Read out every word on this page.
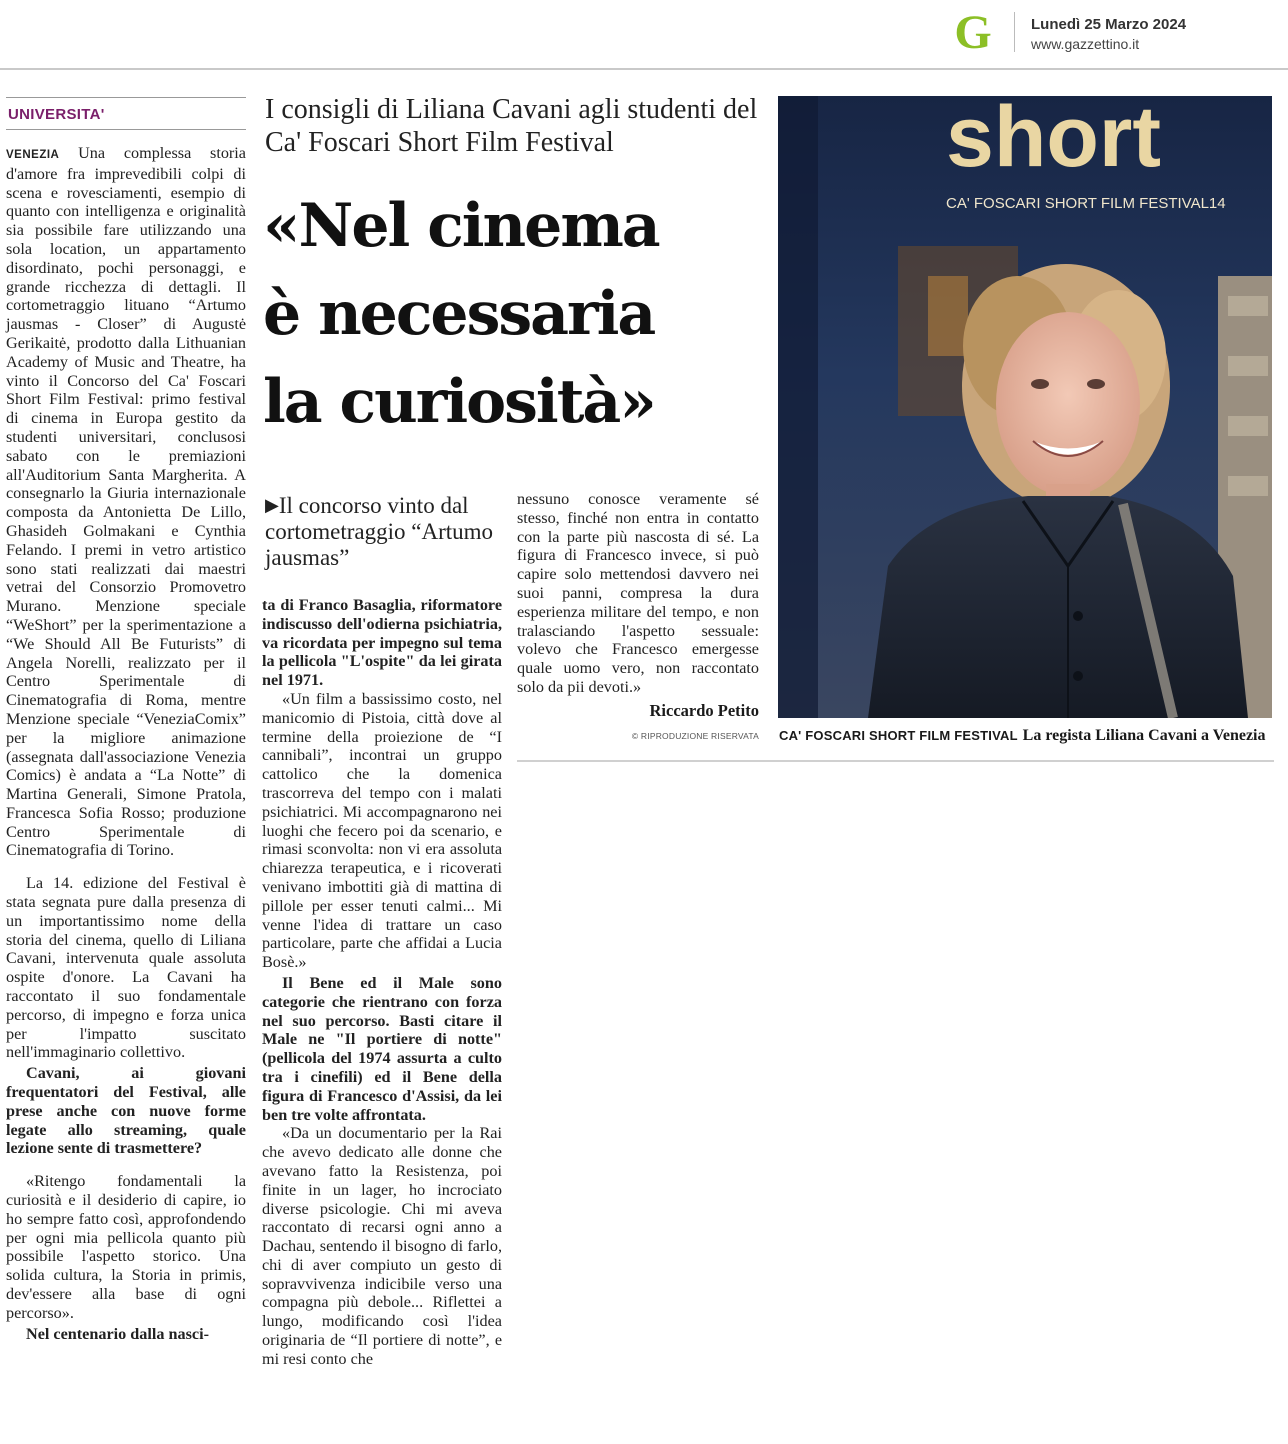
G	Lunedì 25 Marzo 2024
www.gazzettino.it
UNIVERSITA'

VENEZIA Una complessa storia d'amore fra imprevedibili colpi di scena e rovesciamenti, esempio di quanto con intelligenza e originalità sia possibile fare utilizzando una sola location, un appartamento disordinato, pochi personaggi, e grande ricchezza di dettagli. Il cortometraggio lituano “Artumo jausmas - Closer” di Augustė Gerikaitė, prodotto dalla Lithuanian Academy of Music and Theatre, ha vinto il Concorso del Ca' Foscari Short Film Festival: primo festival di cinema in Europa gestito da studenti universitari, conclusosi sabato con le premiazioni all'Auditorium Santa Margherita. A consegnarlo la Giuria internazionale composta da Antonietta De Lillo, Ghasideh Golmakani e Cynthia Felando. I premi in vetro artistico sono stati realizzati dai maestri vetrai del Consorzio Promovetro Murano. Menzione speciale “WeShort” per la sperimentazione a “We Should All Be Futurists” di Angela Norelli, realizzato per il Centro Sperimentale di Cinematografia di Roma, mentre Menzione speciale “VeneziaComix” per la migliore animazione (assegnata dall'associazione Venezia Comics) è andata a “La Notte” di Martina Generali, Simone Pratola, Francesca Sofia Rosso; produzione Centro Sperimentale di Cinematografia di Torino.

La 14. edizione del Festival è stata segnata pure dalla presenza di un importantissimo nome della storia del cinema, quello di Liliana Cavani, intervenuta quale assoluta ospite d'onore. La Cavani ha raccontato il suo fondamentale percorso, di impegno e forza unica per l'impatto suscitato nell'immaginario collettivo.

Cavani, ai giovani frequentatori del Festival, alle prese anche con nuove forme legate allo streaming, quale lezione sente di trasmettere?

«Ritengo fondamentali la curiosità e il desiderio di capire, io ho sempre fatto così, approfondendo per ogni mia pellicola quanto più possibile l'aspetto storico. Una solida cultura, la Storia in primis, dev'essere alla base di ogni percorso».

Nel centenario dalla nasci-

I consigli di Liliana Cavani agli studenti del Ca' Foscari Short Film Festival
«Nel cinema
è necessaria
la curiosità»
▶Il concorso vinto dal cortometraggio “Artumo jausmas”

ta di Franco Basaglia, riformatore indiscusso dell'odierna psichiatria, va ricordata per impegno sul tema la pellicola "L'ospite" da lei girata nel 1971.

«Un film a bassissimo costo, nel manicomio di Pistoia, città dove al termine della proiezione de “I cannibali”, incontrai un gruppo cattolico che la domenica trascorreva del tempo con i malati psichiatrici. Mi accompagnarono nei luoghi che fecero poi da scenario, e rimasi sconvolta: non vi era assoluta chiarezza terapeutica, e i ricoverati venivano imbottiti già di mattina di pillole per esser tenuti calmi... Mi venne l'idea di trattare un caso particolare, parte che affidai a Lucia Bosè.»

Il Bene ed il Male sono categorie che rientrano con forza nel suo percorso. Basti citare il Male ne "Il portiere di notte" (pellicola del 1974 assurta a culto tra i cinefili) ed il Bene della figura di Francesco d'Assisi, da lei ben tre volte affrontata.

«Da un documentario per la Rai che avevo dedicato alle donne che avevano fatto la Resistenza, poi finite in un lager, ho incrociato diverse psicologie. Chi mi aveva raccontato di recarsi ogni anno a Dachau, sentendo il bisogno di farlo, chi di aver compiuto un gesto di sopravvivenza indicibile verso una compagna più debole... Riflettei a lungo, modificando così l'idea originaria de “Il portiere di notte”, e mi resi conto che

nessuno conosce veramente sé stesso, finché non entra in contatto con la parte più nascosta di sé. La figura di Francesco invece, si può capire solo mettendosi davvero nei suoi panni, compresa la dura esperienza militare del tempo, e non tralasciando l'aspetto sessuale: volevo che Francesco emergesse quale uomo vero, non raccontato solo da pii devoti.»

Riccardo Petito
© RIPRODUZIONE RISERVATA
short
CA' FOSCARI SHORT FILM FESTIVAL14
CA' FOSCARI SHORT FILM FESTIVAL La regista Liliana Cavani a Venezia
